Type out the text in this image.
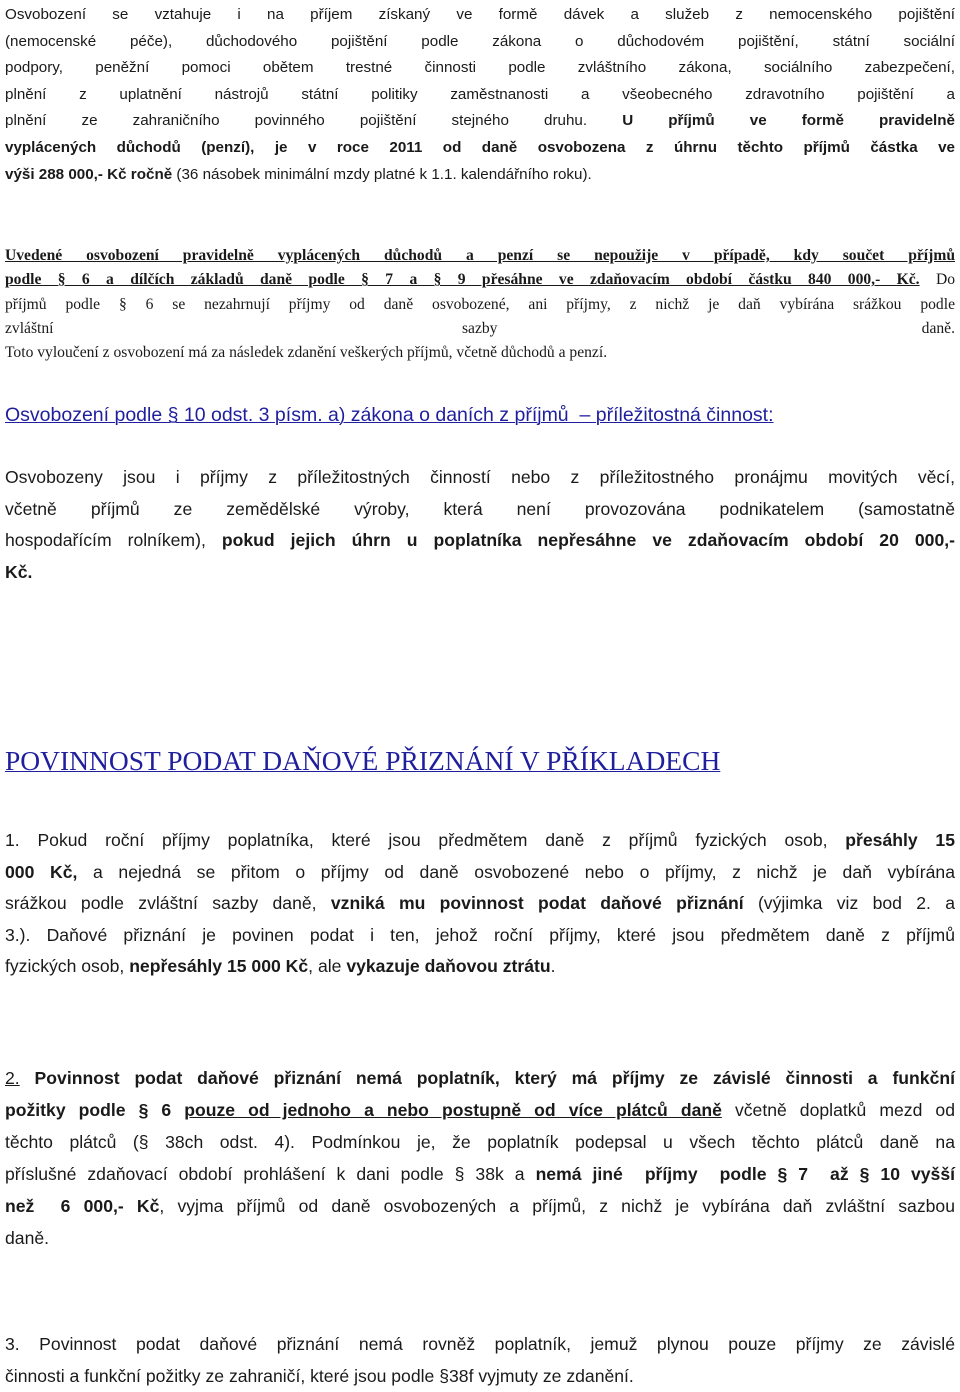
Osvobození se vztahuje i na příjem získaný ve formě dávek a služeb z nemocenského pojištění
(nemocenské péče), důchodového pojištění podle zákona o důchodovém pojištění, státní sociální
podpory, peněžní pomoci obětem trestné činnosti podle zvláštního zákona, sociálního zabezpečení,
plnění z uplatnění nástrojů státní politiky zaměstnanosti a všeobecného zdravotního pojištění a
plnění ze zahraničního povinného pojištění stejného druhu. U příjmů ve formě pravidelně
vyplácených důchodů (penzí), je v roce 2011 od daně osvobozena z úhrnu těchto příjmů částka ve
výši 288 000,- Kč ročně (36 násobek minimální mzdy platné k 1.1. kalendářního roku).
Uvedené osvobození pravidelně vyplácených důchodů a penzí se nepoužije v případě, kdy součet příjmů
podle § 6 a dílčích základů daně podle § 7 a § 9 přesáhne ve zdaňovacím období částku 840 000,- Kč. Do
příjmů podle § 6 se nezahrnují příjmy od daně osvobozené, ani příjmy, z nichž je daň vybírána srážkou podle
zvláštní                                                    sazby                                                      daně.
Toto vyloučení z osvobození má za následek zdanění veškerých příjmů, včetně důchodů a penzí.
Osvobození podle § 10 odst. 3 písm. a) zákona o daních z příjmů  – příležitostná činnost:
Osvobozeny jsou i příjmy z příležitostných činností nebo z příležitostného pronájmu movitých věcí,
včetně příjmů ze zemědělské výroby, která není provozována podnikatelem (samostatně
hospodařícím rolníkem), pokud jejich úhrn u poplatníka nepřesáhne ve zdaňovacím období 20 000,-
Kč.
POVINNOST PODAT DAŇOVÉ PŘIZNÁNÍ V PŘÍKLADECH
1. Pokud roční příjmy poplatníka, které jsou předmětem daně z příjmů fyzických osob, přesáhly 15
000 Kč, a nejedná se přitom o příjmy od daně osvobozené nebo o příjmy, z nichž je daň vybírána
srážkou podle zvláštní sazby daně, vzniká mu povinnost podat daňové přiznání (výjimka viz bod 2. a
3.). Daňové přiznání je povinen podat i ten, jehož roční příjmy, které jsou předmětem daně z příjmů
fyzických osob, nepřesáhly 15 000 Kč, ale vykazuje daňovou ztrátu.
2. Povinnost podat daňové přiznání nemá poplatník, který má příjmy ze závislé činnosti a funkční
požitky podle § 6 pouze od jednoho a nebo postupně od více plátců daně včetně doplatků mezd od
těchto plátců (§ 38ch odst. 4). Podmínkou je, že poplatník podepsal u všech těchto plátců daně na
příslušné zdaňovací období prohlášení k dani podle § 38k a nemá jiné  příjmy  podle § 7  až § 10 vyšší
než  6 000,- Kč, vyjma příjmů od daně osvobozených a příjmů, z nichž je vybírána daň zvláštní sazbou
daně.
3. Povinnost podat daňové přiznání nemá rovněž poplatník, jemuž plynou pouze příjmy ze závislé
činnosti a funkční požitky ze zahraničí, které jsou podle §38f vyjmuty ze zdanění.
